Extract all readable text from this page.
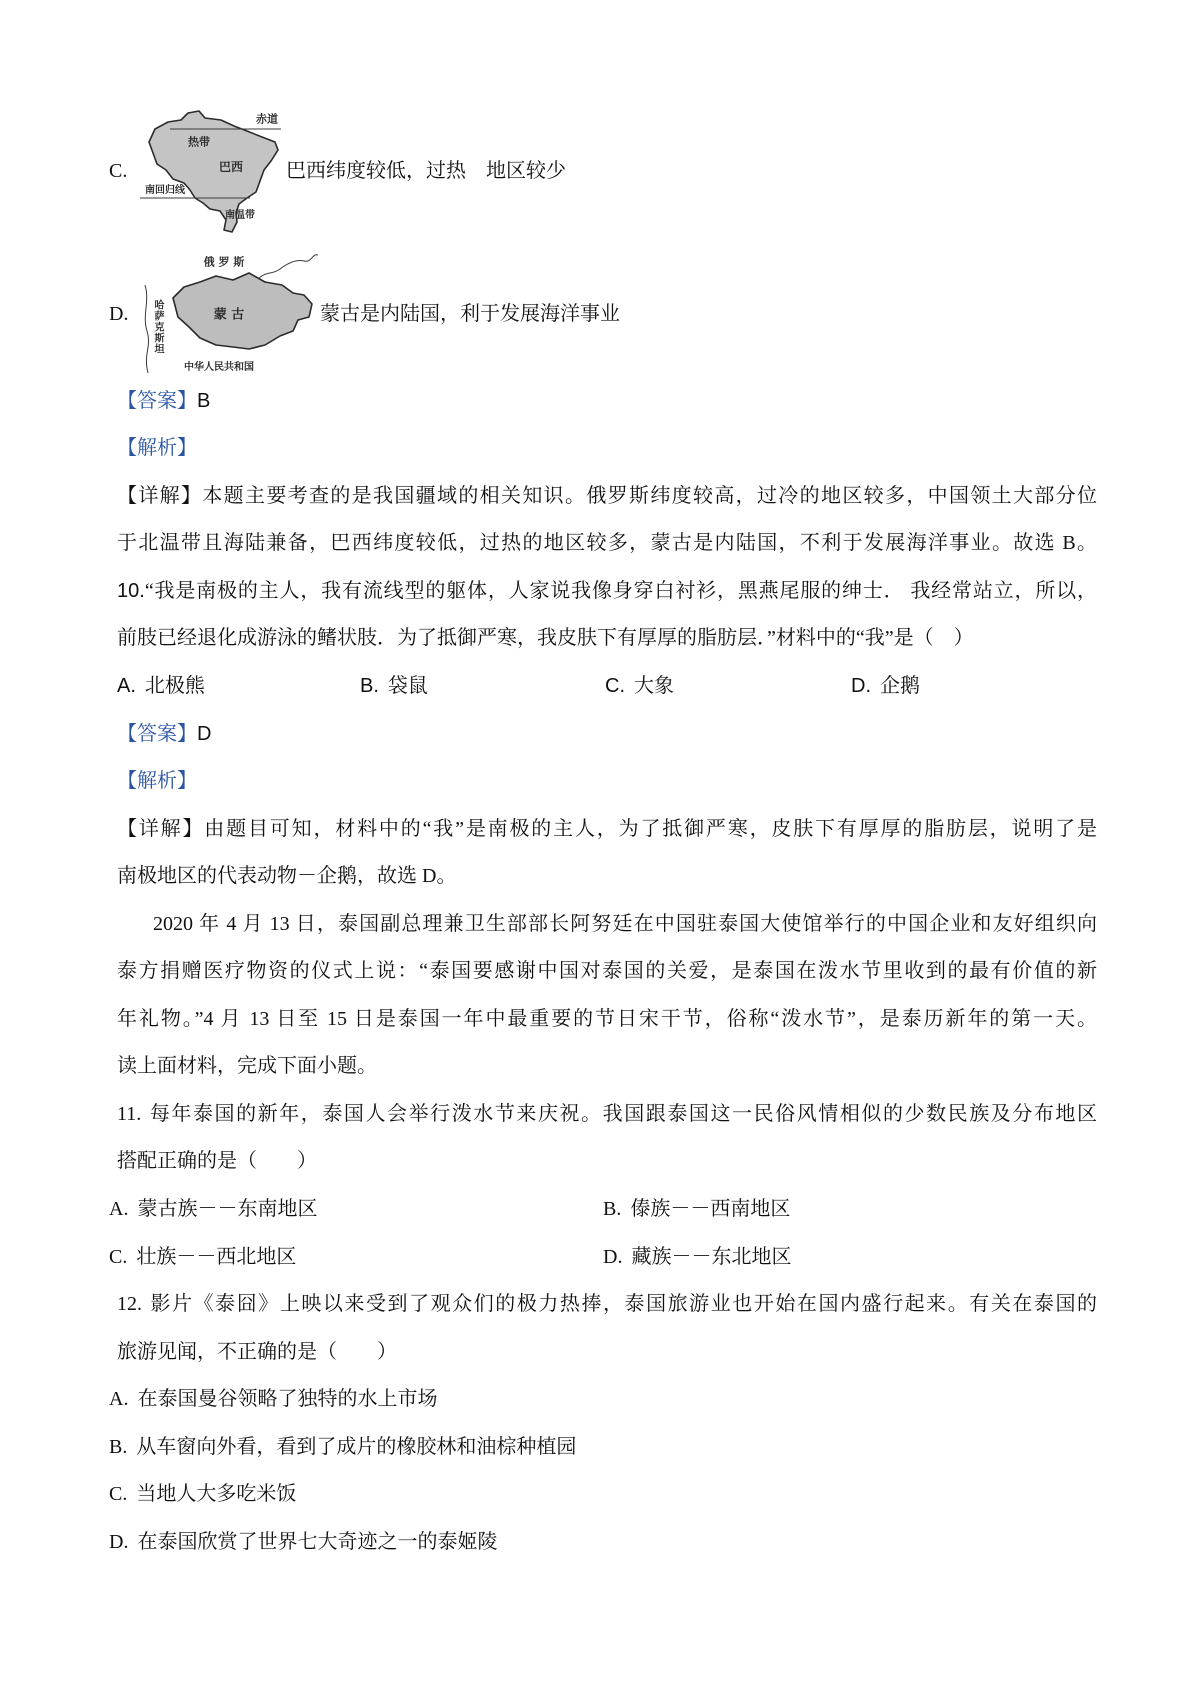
C.
赤道
热带
巴西
南回归线
南温带
巴西纬度较低，过热　地区较少
D.
俄 罗 斯
蒙 古
哈萨克斯坦
中华人民共和国
蒙古是内陆国，利于发展海洋事业
【答案】B
【解析】
【详解】本题主要考查的是我国疆域的相关知识。俄罗斯纬度较高，过冷的地区较多，中国领土大部分位
于北温带且海陆兼备，巴西纬度较低，过热的地区较多，蒙古是内陆国，不利于发展海洋事业。故选 B。
10.“我是南极的主人，我有流线型的躯体，人家说我像身穿白衬衫，黑燕尾服的绅士． 我经常站立，所以，
前肢已经退化成游泳的鳍状肢．为了抵御严寒，我皮肤下有厚厚的脂肪层．”材料中的“我”是（　）
A. 北极熊	B. 袋鼠	C. 大象	D. 企鹅
【答案】D
【解析】
【详解】由题目可知，材料中的“我”是南极的主人，为了抵御严寒，皮肤下有厚厚的脂肪层，说明了是
南极地区的代表动物－企鹅，故选 D。
2020 年 4 月 13 日，泰国副总理兼卫生部部长阿努廷在中国驻泰国大使馆举行的中国企业和友好组织向
泰方捐赠医疗物资的仪式上说：“泰国要感谢中国对泰国的关爱，是泰国在泼水节里收到的最有价值的新
年礼物。”4 月 13 日至 15 日是泰国一年中最重要的节日宋干节，俗称“泼水节”，是泰历新年的第一天。
读上面材料，完成下面小题。
11. 每年泰国的新年，泰国人会举行泼水节来庆祝。我国跟泰国这一民俗风情相似的少数民族及分布地区
搭配正确的是（　　）
A. 蒙古族－－东南地区	B. 傣族－－西南地区
C. 壮族－－西北地区	D. 藏族－－东北地区
12. 影片《泰囧》上映以来受到了观众们的极力热捧，泰国旅游业也开始在国内盛行起来。有关在泰国的
旅游见闻，不正确的是（　　）
A. 在泰国曼谷领略了独特的水上市场
B. 从车窗向外看，看到了成片的橡胶林和油棕种植园
C. 当地人大多吃米饭
D. 在泰国欣赏了世界七大奇迹之一的泰姬陵
